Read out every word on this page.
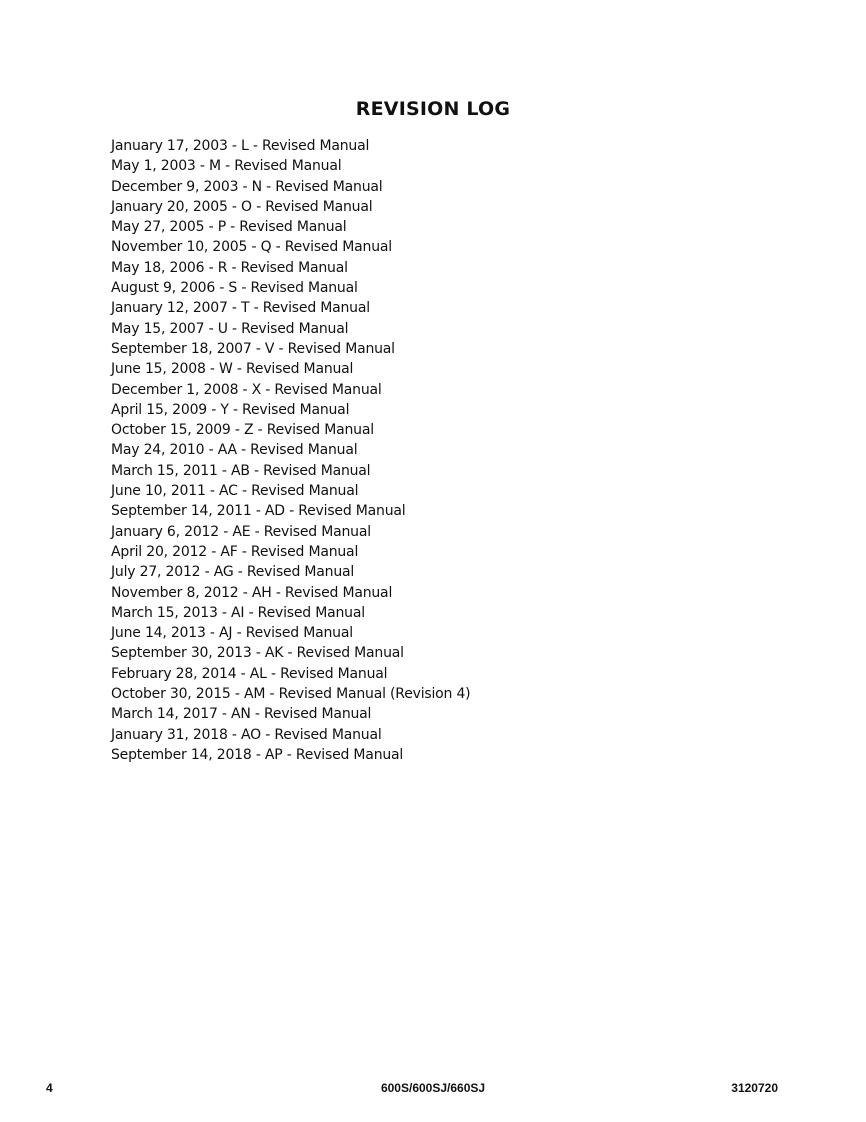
REVISION LOG
January 17, 2003 - L - Revised Manual
May 1, 2003 - M - Revised Manual
December 9, 2003 - N - Revised Manual
January 20, 2005 - O - Revised Manual
May 27, 2005 - P - Revised Manual
November 10, 2005 - Q - Revised Manual
May 18, 2006 - R - Revised Manual
August 9, 2006 - S - Revised Manual
January 12, 2007 - T - Revised Manual
May 15, 2007 - U - Revised Manual
September 18, 2007 - V - Revised Manual
June 15, 2008 - W - Revised Manual
December 1, 2008 - X - Revised Manual
April 15, 2009 - Y - Revised Manual
October 15, 2009 - Z - Revised Manual
May 24, 2010 - AA - Revised Manual
March 15, 2011 - AB - Revised Manual
June 10, 2011 - AC - Revised Manual
September 14, 2011 - AD - Revised Manual
January 6, 2012 - AE - Revised Manual
April 20, 2012 - AF - Revised Manual
July 27, 2012 - AG - Revised Manual
November 8, 2012 - AH - Revised Manual
March 15, 2013 - AI - Revised Manual
June 14, 2013 - AJ - Revised Manual
September 30, 2013 - AK - Revised Manual
February 28, 2014 - AL - Revised Manual
October 30, 2015 - AM - Revised Manual (Revision 4)
March 14, 2017 - AN - Revised Manual
January 31, 2018 - AO - Revised Manual
September 14, 2018 - AP - Revised Manual
4	600S/600SJ/660SJ	3120720
